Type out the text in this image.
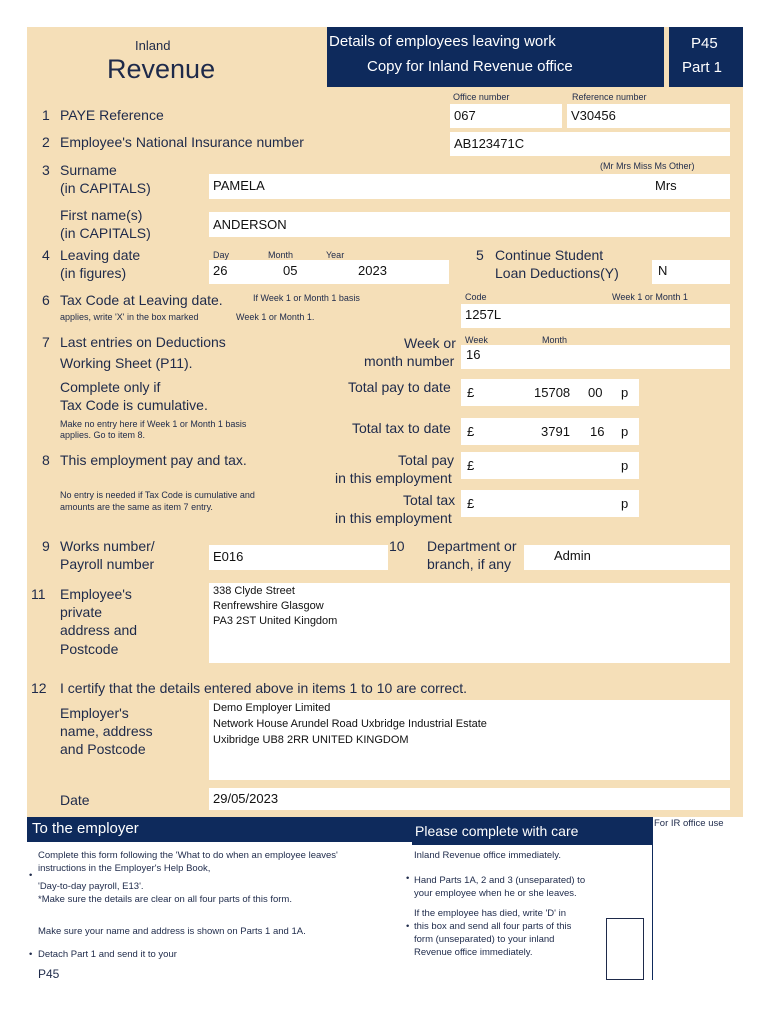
Inland
Revenue
Details of employees leaving work
Copy for Inland Revenue office
P45
Part 1
Office number	Reference number
1 PAYE Reference	067	V30456
2 Employee's National Insurance number	AB123471C
(Mr Mrs Miss Ms Other)
3 Surname
(in CAPITALS)	PAMELA	Mrs
First name(s)
(in CAPITALS)
ANDERSON
Day	Month	Year
4 Leaving date
(in figures)	26	05	2023
5 Continue Student
Loan Deductions(Y)	N
Code	Week 1 or Month 1
6 Tax Code at Leaving date.	If Week 1 or Month 1 basis
applies, write 'X' in the box marked	Week 1 or Month 1.	1257L
Week	Month
7 Last entries on Deductions
Working Sheet (P11).
Week or
month number 16
Complete only if
Tax Code is cumulative.
Total pay to date £	15708 00 p
Make no entry here if Week 1 or Month 1 basis
applies. Go to item 8.	Total tax to date £	3791 16 p
8 This employment pay and tax.	Total pay
in this employment
£	p
No entry is needed if Tax Code is cumulative and
amounts are the same as item 7 entry.	Total tax
in this employment
£	p
9 Works number/
Payroll number	E016
10 Department or
branch, if any
Admin
11 Employee's
private
address and
Postcode
338 Clyde Street
Renfrewshire Glasgow
PA3 2ST United Kingdom
12 I certify that the details entered above in items 1 to 10 are correct.
Employer's
name, address
and Postcode
Demo Employer Limited
Network House Arundel Road Uxbridge Industrial Estate
Uxibridge UB8 2RR UNITED KINGDOM
Date	29/05/2023
To the employer	Please complete with care	For IR office use
Complete this form following the 'What to do when an employee leaves'
•
instructions in the Employer's Help Book,
'Day-to-day payroll, E13'.
*Make sure the details are clear on all four parts of this form.
Make sure your name and address is shown on Parts 1 and 1A.
• Detach Part 1 and send it to your
P45
Inland Revenue office immediately.
• Hand Parts 1A, 2 and 3 (unseparated) to
your employee when he or she leaves.
If the employee has died, write 'D' in
• this box and send all four parts of this
form (unseparated) to your inland
Revenue office immediately.
